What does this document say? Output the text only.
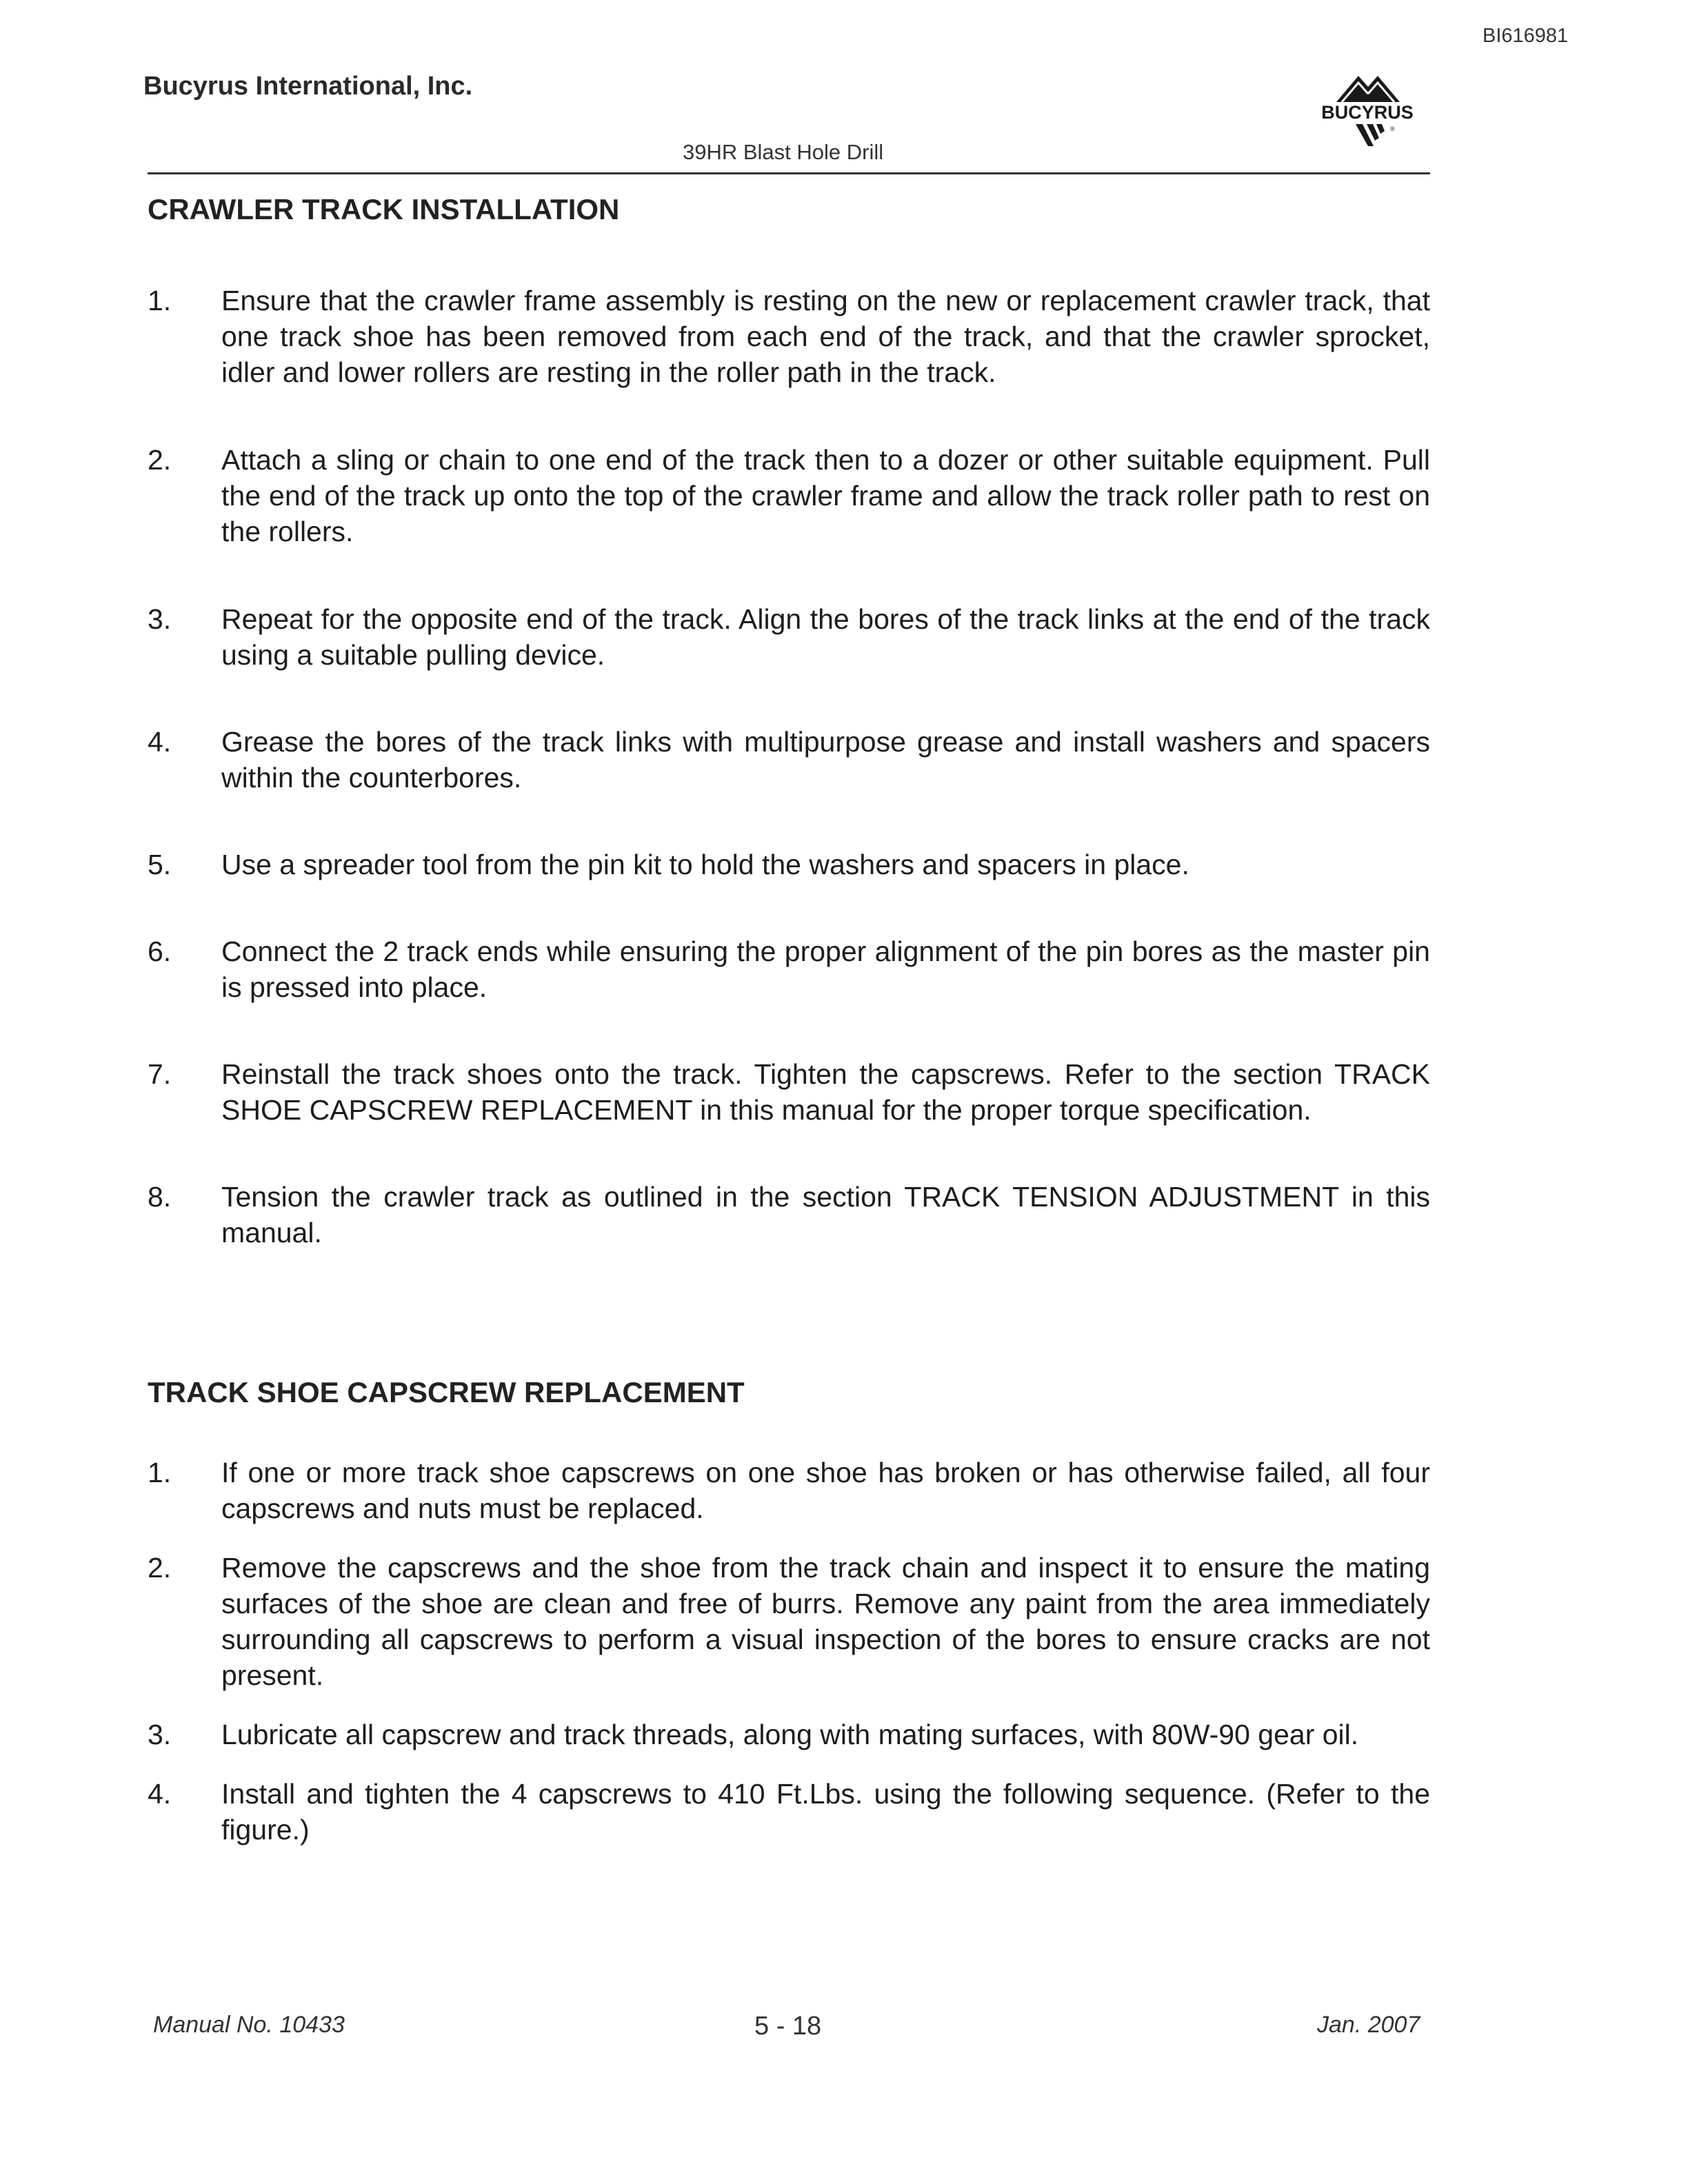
BI616981
Bucyrus International, Inc.
BUCYRUS
®
39HR Blast Hole Drill
CRAWLER TRACK INSTALLATION
1. Ensure that the crawler frame assembly is resting on the new or replacement crawler track, that one track shoe has been removed from each end of the track, and that the crawler sprocket, idler and lower rollers are resting in the roller path in the track.
2. Attach a sling or chain to one end of the track then to a dozer or other suitable equipment. Pull the end of the track up onto the top of the crawler frame and allow the track roller path to rest on the rollers.
3. Repeat for the opposite end of the track. Align the bores of the track links at the end of the track using a suitable pulling device.
4. Grease the bores of the track links with multipurpose grease and install washers and spacers within the counterbores.
5. Use a spreader tool from the pin kit to hold the washers and spacers in place.
6. Connect the 2 track ends while ensuring the proper alignment of the pin bores as the master pin is pressed into place.
7. Reinstall the track shoes onto the track. Tighten the capscrews. Refer to the section TRACK SHOE CAPSCREW REPLACEMENT in this manual for the proper torque specification.
8. Tension the crawler track as outlined in the section TRACK TENSION ADJUSTMENT in this manual.
TRACK SHOE CAPSCREW REPLACEMENT
1. If one or more track shoe capscrews on one shoe has broken or has otherwise failed, all four capscrews and nuts must be replaced.
2. Remove the capscrews and the shoe from the track chain and inspect it to ensure the mating surfaces of the shoe are clean and free of burrs. Remove any paint from the area immediately surrounding all capscrews to perform a visual inspection of the bores to ensure cracks are not present.
3. Lubricate all capscrew and track threads, along with mating surfaces, with 80W-90 gear oil.
4. Install and tighten the 4 capscrews to 410 Ft.Lbs. using the following sequence. (Refer to the figure.)
Manual No. 10433	5 - 18	Jan. 2007
